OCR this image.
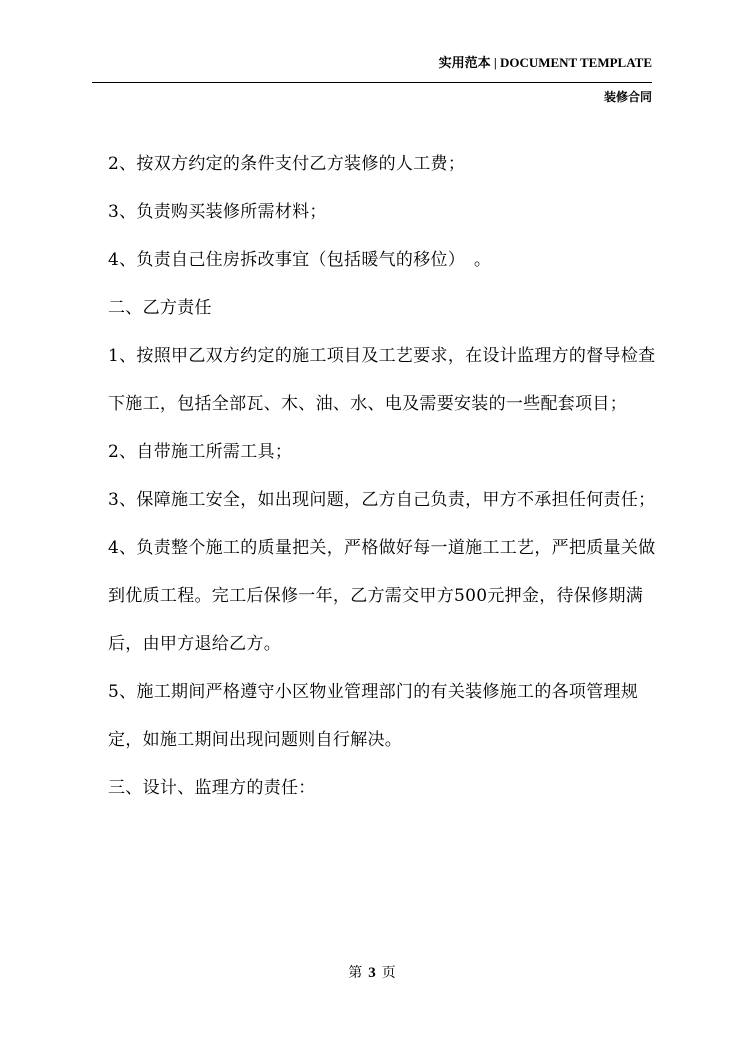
实用范本 | DOCUMENT TEMPLATE
装修合同

2、按双方约定的条件支付乙方装修的人工费；

3、负责购买装修所需材料；

4、负责自己住房拆改事宜（包括暖气的移位）　。

二、乙方责任

1、按照甲乙双方约定的施工项目及工艺要求，在设计监理方的督导检查下施工，包括全部瓦、木、油、水、电及需要安装的一些配套项目；

2、自带施工所需工具；

3、保障施工安全，如出现问题，乙方自己负责，甲方不承担任何责任；

4、负责整个施工的质量把关，严格做好每一道施工工艺，严把质量关做到优质工程。完工后保修一年，乙方需交甲方500元押金，待保修期满后，由甲方退给乙方。

5、施工期间严格遵守小区物业管理部门的有关装修施工的各项管理规定，如施工期间出现问题则自行解决。

三、设计、监理方的责任：

第 3 页
